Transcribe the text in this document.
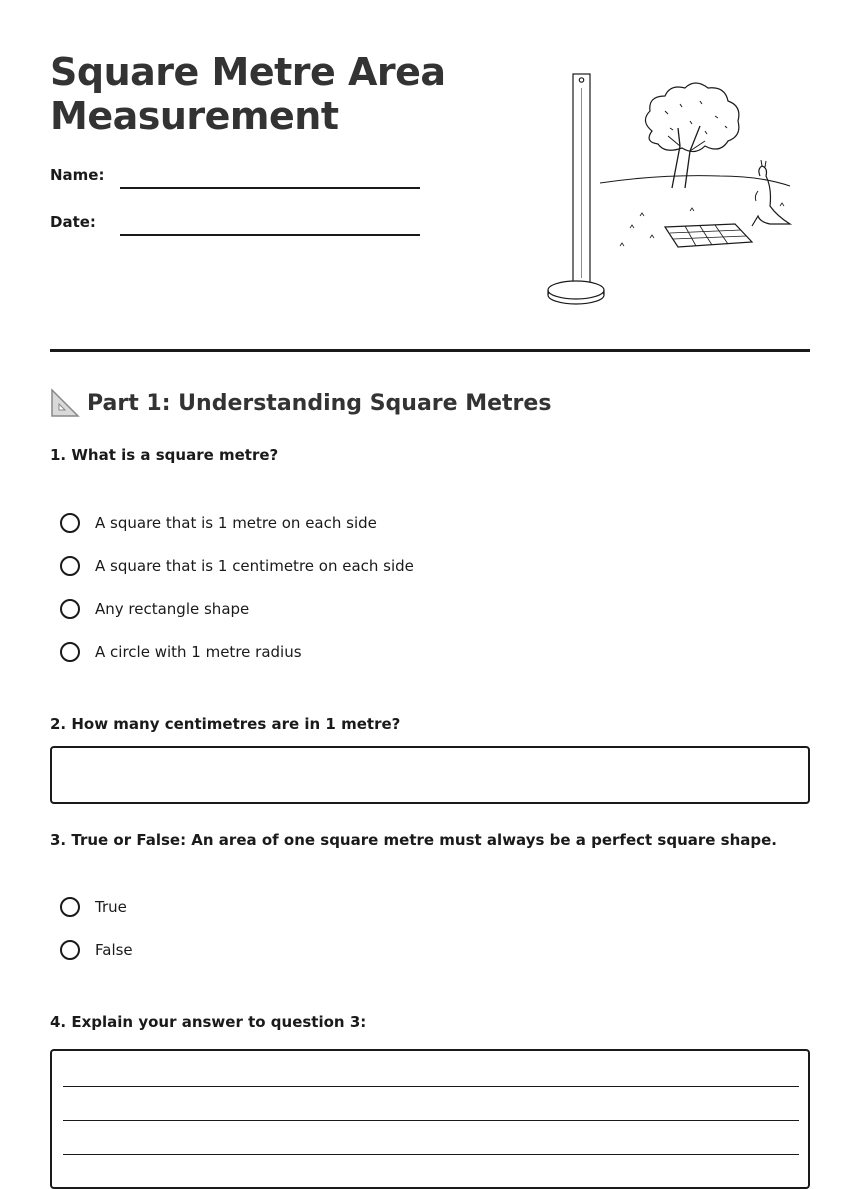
Square Metre Area Measurement
Name:
Date:
Part 1: Understanding Square Metres
1. What is a square metre?
A square that is 1 metre on each side
A square that is 1 centimetre on each side
Any rectangle shape
A circle with 1 metre radius
2. How many centimetres are in 1 metre?
3. True or False: An area of one square metre must always be a perfect square shape.
True
False
4. Explain your answer to question 3:
